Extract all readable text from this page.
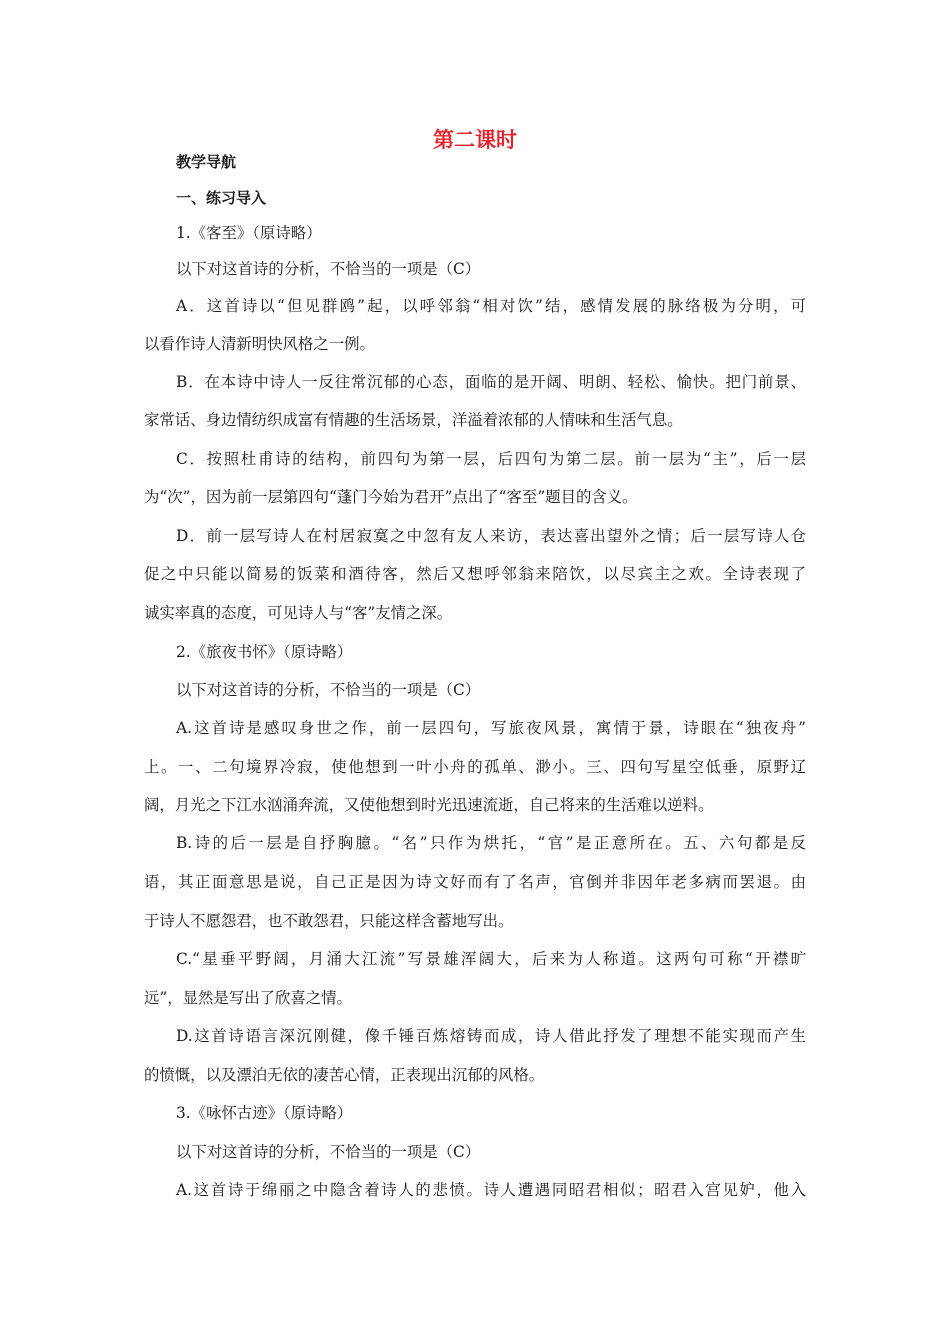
第二课时
教学导航
一、练习导入
1.《客至》（原诗略）
以下对这首诗的分析，不恰当的一项是（C）
A．这首诗以“但见群鸥”起，以呼邻翁“相对饮”结，感情发展的脉络极为分明，可
以看作诗人清新明快风格之一例。
B．在本诗中诗人一反往常沉郁的心态，面临的是开阔、明朗、轻松、愉快。把门前景、
家常话、身边情纺织成富有情趣的生活场景，洋溢着浓郁的人情味和生活气息。
C．按照杜甫诗的结构，前四句为第一层，后四句为第二层。前一层为“主”，后一层
为“次”，因为前一层第四句“蓬门今始为君开”点出了“客至”题目的含义。
D．前一层写诗人在村居寂寞之中忽有友人来访，表达喜出望外之情；后一层写诗人仓
促之中只能以简易的饭菜和酒待客，然后又想呼邻翁来陪饮，以尽宾主之欢。全诗表现了
诚实率真的态度，可见诗人与“客”友情之深。
2.《旅夜书怀》（原诗略）
以下对这首诗的分析，不恰当的一项是（C）
A.这首诗是感叹身世之作，前一层四句，写旅夜风景，寓情于景，诗眼在“独夜舟”
上。一、二句境界冷寂，使他想到一叶小舟的孤单、渺小。三、四句写星空低垂，原野辽
阔，月光之下江水汹涌奔流，又使他想到时光迅速流逝，自己将来的生活难以逆料。
B.诗的后一层是自抒胸臆。“名”只作为烘托，“官”是正意所在。五、六句都是反
语，其正面意思是说，自己正是因为诗文好而有了名声，官倒并非因年老多病而罢退。由
于诗人不愿怨君，也不敢怨君，只能这样含蓄地写出。
C.“星垂平野阔，月涌大江流”写景雄浑阔大，后来为人称道。这两句可称“开襟旷
远”，显然是写出了欣喜之情。
D.这首诗语言深沉刚健，像千锤百炼熔铸而成，诗人借此抒发了理想不能实现而产生
的愤慨，以及漂泊无依的凄苦心情，正表现出沉郁的风格。
3.《咏怀古迹》（原诗略）
以下对这首诗的分析，不恰当的一项是（C）
A.这首诗于绵丽之中隐含着诗人的悲愤。诗人遭遇同昭君相似；昭君入宫见妒，他入
